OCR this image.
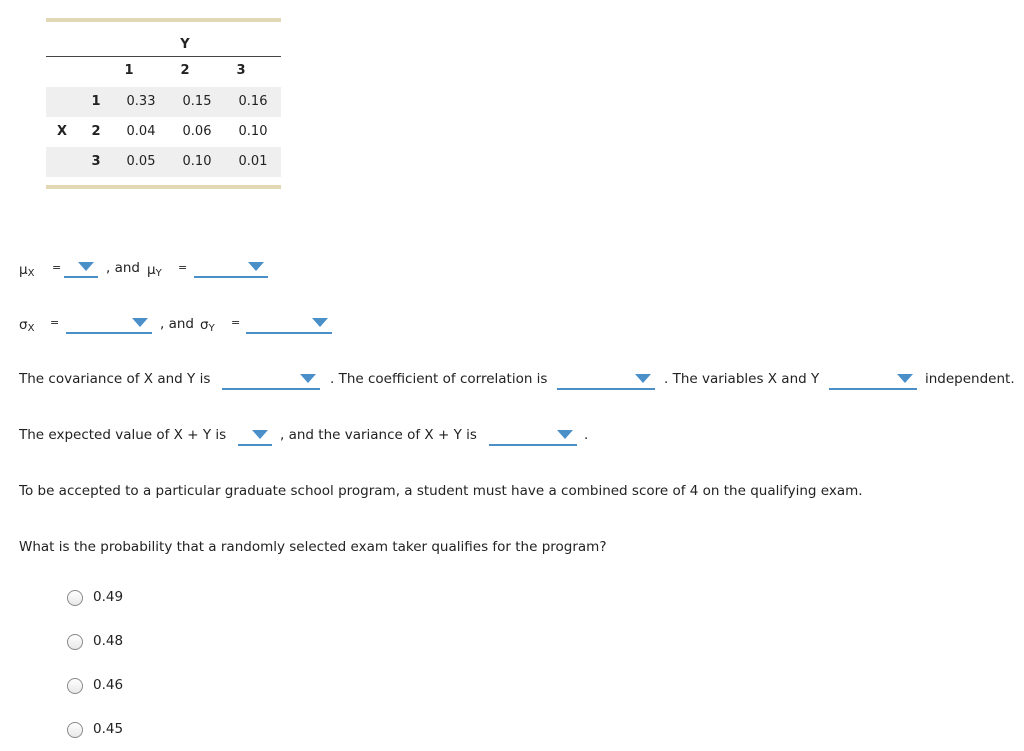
Y
1	2	3
X
1	0.33	0.15	0.16
2	0.04	0.06	0.10
3	0.05	0.10	0.01
μX =	, and μY =
σX =	, and σY =
The covariance of X and Y is	. The coefficient of correlation is	. The variables X and Y	independent.
The expected value of X + Y is	, and the variance of X + Y is	.
To be accepted to a particular graduate school program, a student must have a combined score of 4 on the qualifying exam.
What is the probability that a randomly selected exam taker qualifies for the program?
0.49
0.48
0.46
0.45
